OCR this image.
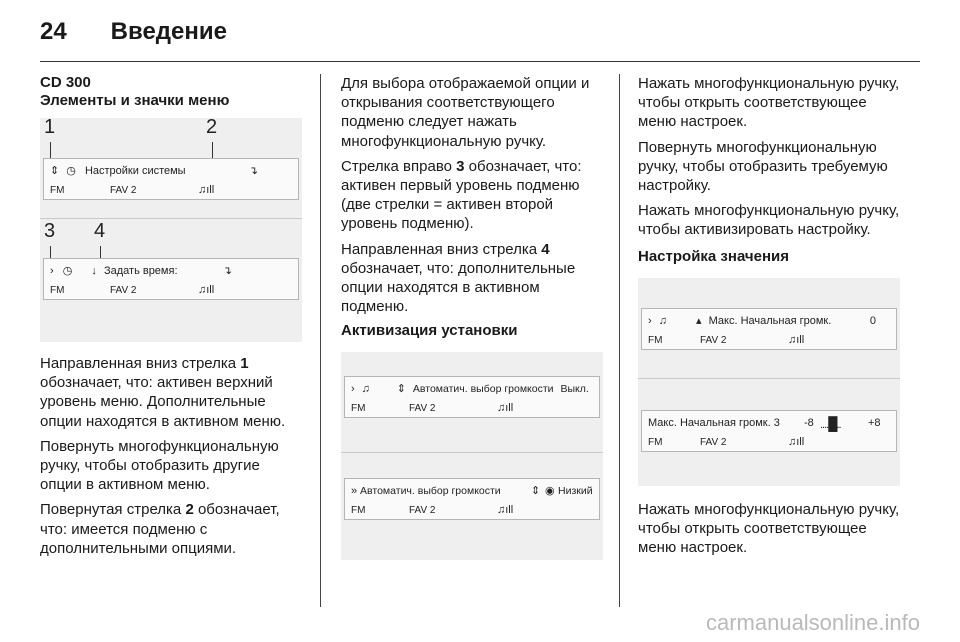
24 Введение
CD 300
Элементы и значки меню
1	2
⇕ ◷ Настройки системы	↴
FM	FAV 2	♫ıll
3 4
› ◷ ↓ Задать время:	↴
FM	FAV 2	♫ıll

Направленная вниз стрелка 1 обозначает, что: активен верхний уровень меню. Дополнительные опции находятся в активном меню.

Повернуть многофункциональную ручку, чтобы отобразить другие опции в активном меню.

Повернутая стрелка 2 обозначает, что: имеется подменю с дополнительными опциями.

Для выбора отображаемой опции и открывания соответствующего подменю следует нажать многофункциональную ручку.

Стрелка вправо 3 обозначает, что: активен первый уровень подменю (две стрелки = активен второй уровень подменю).

Направленная вниз стрелка 4 обозначает, что: дополнительные опции находятся в активном подменю.

Активизация установки
› ♫ ⇕ Автоматич. выбор громкости Выкл.
FM	FAV 2	♫ıll
» Автоматич. выбор громкости	⇕ ◉ Низкий
FM	FAV 2	♫ıll

Нажать многофункциональную ручку, чтобы открыть соответствующее меню настроек.

Повернуть многофункциональную ручку, чтобы отобразить требуемую настройку.

Нажать многофункциональную ручку, чтобы активизировать настройку.

Настройка значения
› ♫	▴ Макс. Начальная громк.	0
FM	FAV 2	♫ıll
Макс. Начальная громк. 3 -8 ....█.. +8
FM	FAV 2	♫ıll

Нажать многофункциональную ручку, чтобы открыть соответствующее меню настроек.

carmanualsonline.info
